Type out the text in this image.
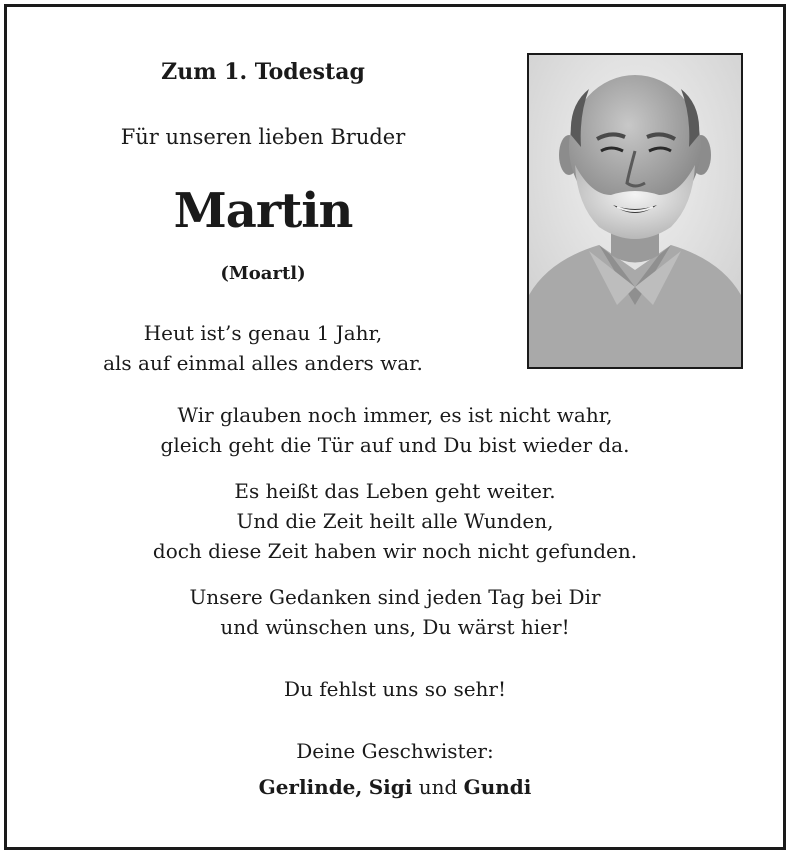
Zum 1. Todestag
Für unseren lieben Bruder
Martin
(Moartl)
Heut ist’s genau 1 Jahr,
als auf einmal alles anders war.
Wir glauben noch immer, es ist nicht wahr,
gleich geht die Tür auf und Du bist wieder da.
Es heißt das Leben geht weiter.
Und die Zeit heilt alle Wunden,
doch diese Zeit haben wir noch nicht gefunden.
Unsere Gedanken sind jeden Tag bei Dir
und wünschen uns, Du wärst hier!
Du fehlst uns so sehr!
Deine Geschwister:
Gerlinde, Sigi und Gundi
